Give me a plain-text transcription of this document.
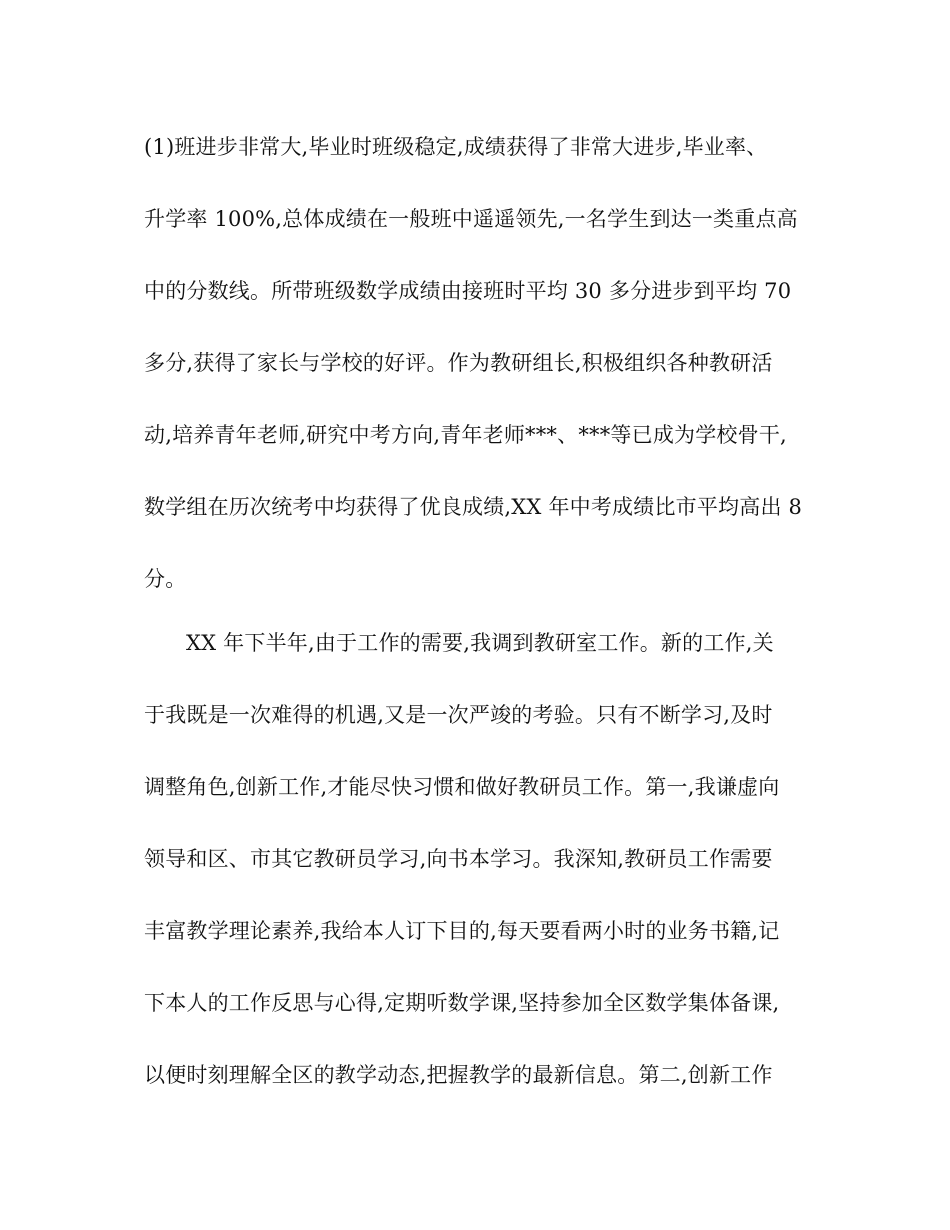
(1)班进步非常大,毕业时班级稳定,成绩获得了非常大进步,毕业率、
升学率 100%,总体成绩在一般班中遥遥领先,一名学生到达一类重点高
中的分数线。所带班级数学成绩由接班时平均 30 多分进步到平均 70
多分,获得了家长与学校的好评。作为教研组长,积极组织各种教研活
动,培养青年老师,研究中考方向,青年老师***、***等已成为学校骨干,
数学组在历次统考中均获得了优良成绩,XX 年中考成绩比市平均高出 8
分。
XX 年下半年,由于工作的需要,我调到教研室工作。新的工作,关
于我既是一次难得的机遇,又是一次严竣的考验。只有不断学习,及时
调整角色,创新工作,才能尽快习惯和做好教研员工作。第一,我谦虚向
领导和区、市其它教研员学习,向书本学习。我深知,教研员工作需要
丰富教学理论素养,我给本人订下目的,每天要看两小时的业务书籍,记
下本人的工作反思与心得,定期听数学课,坚持参加全区数学集体备课,
以便时刻理解全区的教学动态,把握教学的最新信息。第二,创新工作
